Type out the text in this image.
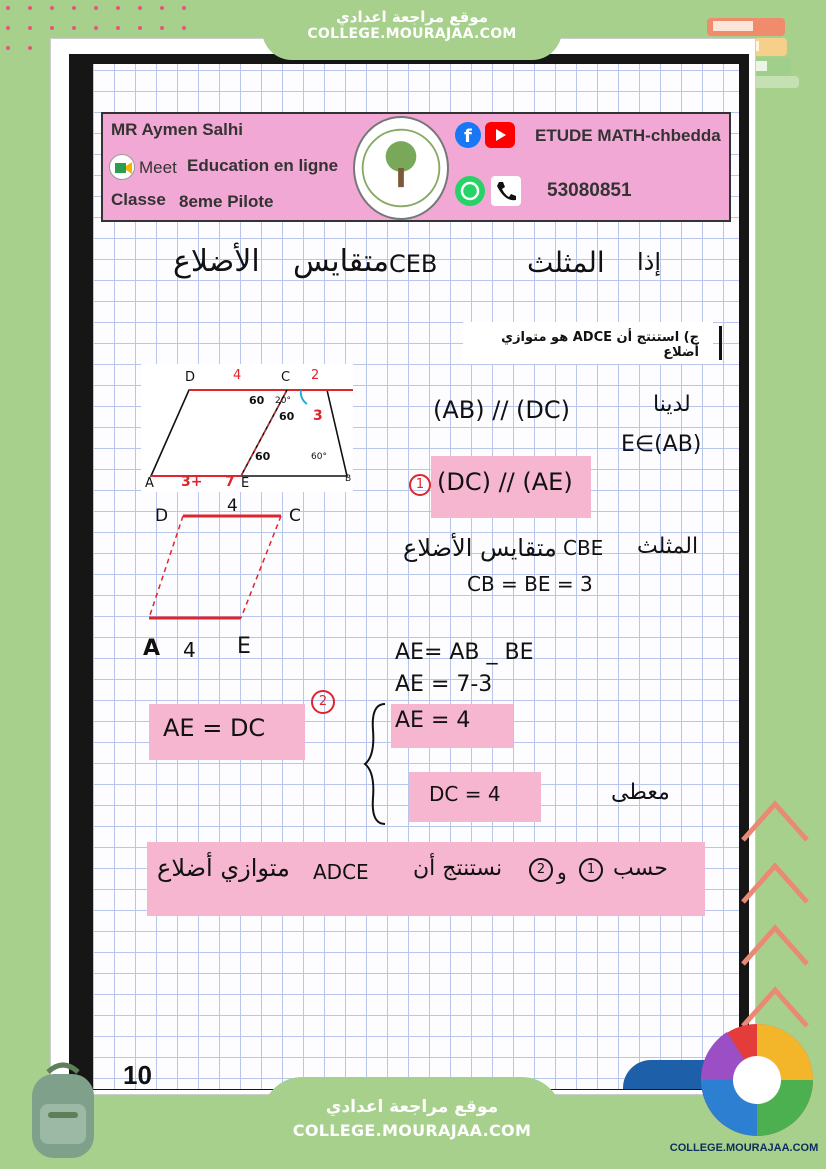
موقع مراجعة اعدادي
COLLEGE.MOURAJAA.COM
MR Aymen Salhi
Meet Education en ligne
Classe 8eme Pilote
f	ETUDE MATH-chbedda
53080851
الأضلاع متقايس CEB	المثلث إذا
ج) استنتج أن ADCE هو متوازي أضلاع
D	4	C 2
60 20°
60 3
60	60°
A 3+ 7 E	B
D	4	C
A 4 E
لدينا
(AB) // (DC)
E∈(AB)
1 (DC) // (AE)
متقايس الأضلاع CBE المثلث
CB = BE = 3
AE= AB _ BE
AE = 7-3
AE = 4
DC = 4	معطى
AE = DC
2
متوازي أضلاع ADCE نستنتج أن	2 و	1 حسب
10
موقع مراجعة اعدادي
COLLEGE.MOURAJAA.COM
COLLEGE.MOURAJAA.COM
